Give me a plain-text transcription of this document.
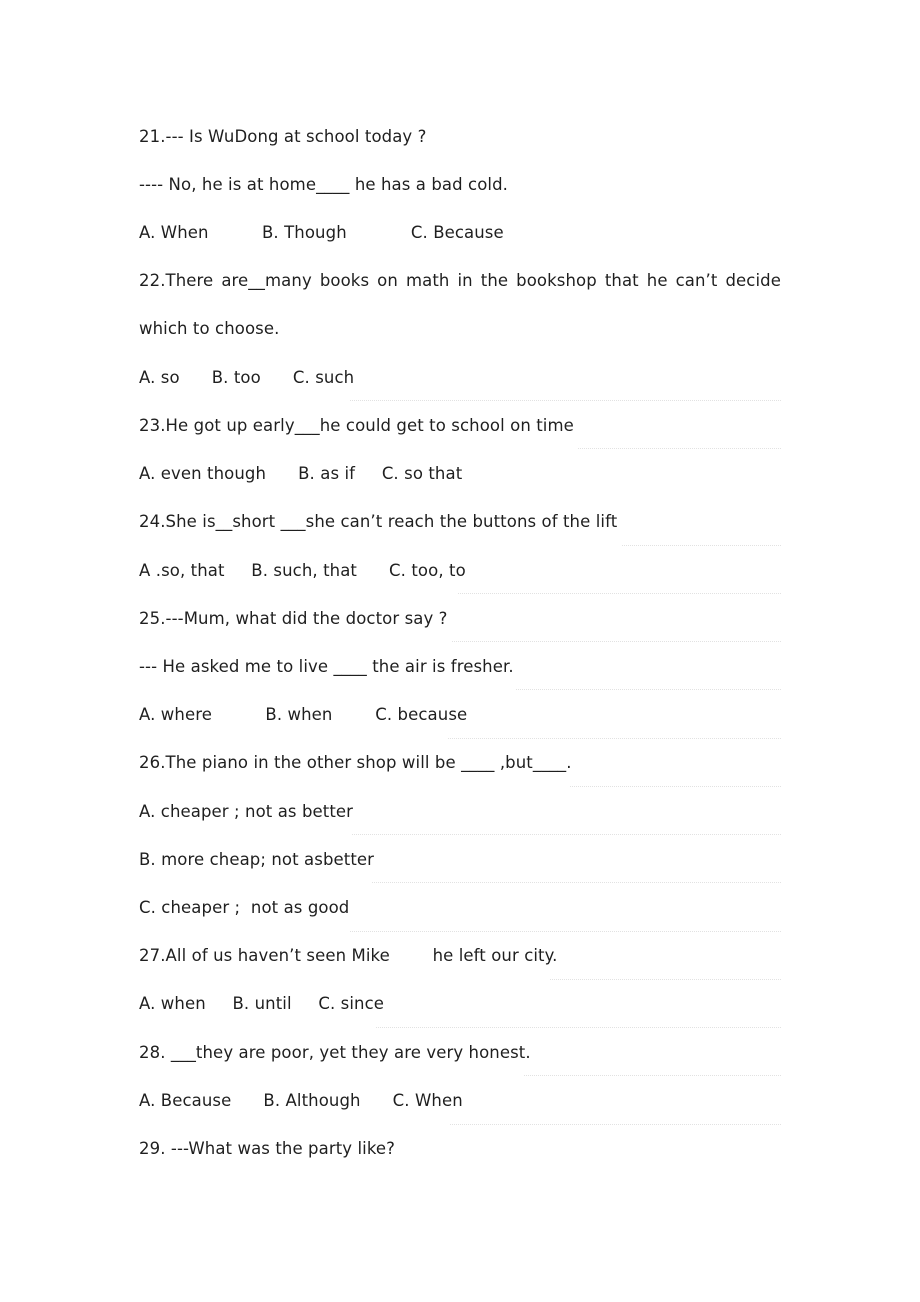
21.--- Is WuDong at school today ?
---- No, he is at home____ he has a bad cold.
A. When          B. Though            C. Because
22.There are__many books on math in the bookshop that he can’t decide
which to choose.
A. so      B. too      C. such
23.He got up early___he could get to school on time
A. even though      B. as if     C. so that
24.She is__short ___she can’t reach the buttons of the lift
A .so, that     B. such, that      C. too, to
25.---Mum, what did the doctor say ?
--- He asked me to live ____ the air is fresher.
A. where          B. when        C. because
26.The piano in the other shop will be ____ ,but____.
A. cheaper ; not as better
B. more cheap; not asbetter
C. cheaper ;  not as good
27.All of us haven’t seen Mike        he left our city.
A. when     B. until     C. since
28. ___they are poor, yet they are very honest.
A. Because      B. Although      C. When
29. ---What was the party like?
